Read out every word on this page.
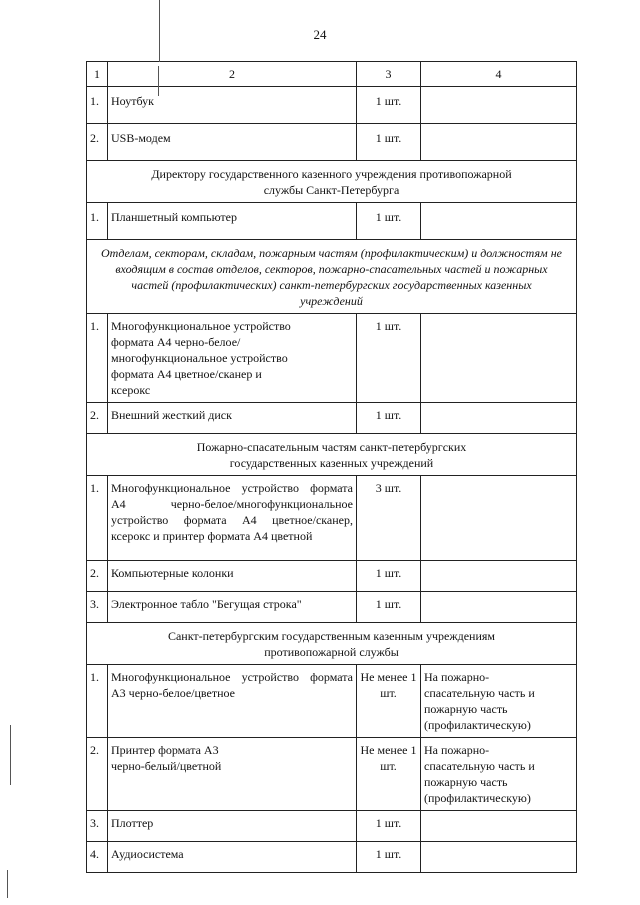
24
1	2	3	4
1.	Ноутбук	1 шт.	
2.	USB-модем	1 шт.	
Директору государственного казенного учреждения противопожарной службы Санкт-Петербурга			
1.	Планшетный компьютер	1 шт.	
Отделам, секторам, складам, пожарным частям (профилактическим) и должностям не входящим в состав отделов, секторов, пожарно-спасательных частей и пожарных частей (профилактических) санкт-петербургских государственных казенных учреждений			
1.	Многофункциональное устройство формата А4 черно-белое/многофункциональное устройство формата А4 цветное/сканер и ксерокс	1 шт.	
2.	Внешний жесткий диск	1 шт.	
Пожарно-спасательным частям санкт-петербургских государственных казенных учреждений			
1.	Многофункциональное устройство формата А4 черно-белое/многофункциональное устройство формата А4 цветное/сканер, ксерокс и принтер формата А4 цветной	3 шт.	
2.	Компьютерные колонки	1 шт.	
3.	Электронное табло "Бегущая строка"	1 шт.	
Санкт-петербургским государственным казенным учреждениям противопожарной службы			
1.	Многофункциональное устройство формата А3 черно-белое/цветное	Не менее 1 шт.	На пожарно-спасательную часть и пожарную часть (профилактическую)
2.	Принтер формата А3 черно-белый/цветной	Не менее 1 шт.	На пожарно-спасательную часть и пожарную часть (профилактическую)
3.	Плоттер	1 шт.	
4.	Аудиосистема	1 шт.	
